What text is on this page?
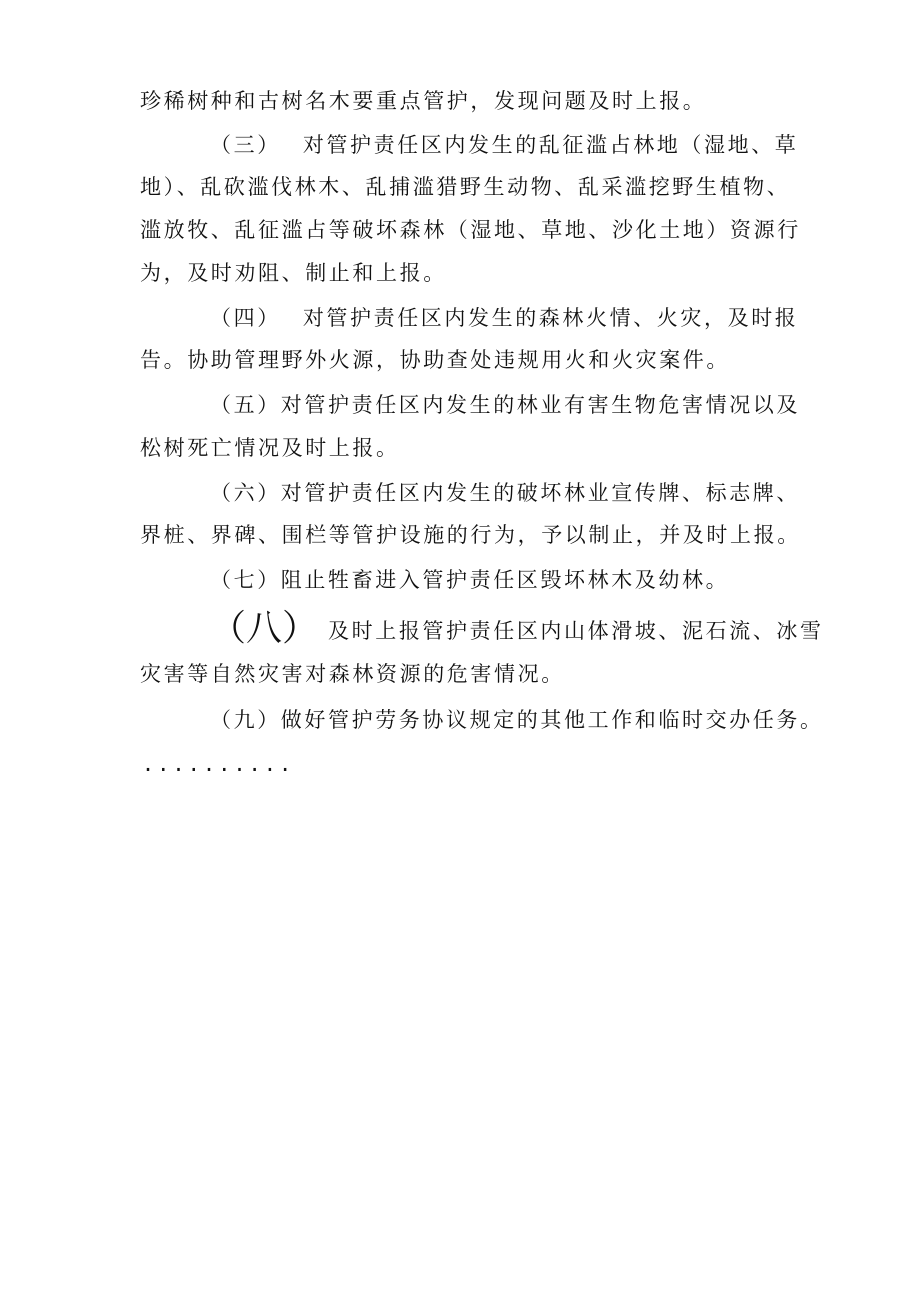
珍稀树种和古树名木要重点管护，发现问题及时上报。
（三） 对管护责任区内发生的乱征滥占林地（湿地、草
地）、乱砍滥伐林木、乱捕滥猎野生动物、乱采滥挖野生植物、
滥放牧、乱征滥占等破坏森林（湿地、草地、沙化土地）资源行
为，及时劝阻、制止和上报。
（四） 对管护责任区内发生的森林火情、火灾，及时报
告。协助管理野外火源，协助查处违规用火和火灾案件。
（五）对管护责任区内发生的林业有害生物危害情况以及
松树死亡情况及时上报。
（六）对管护责任区内发生的破坏林业宣传牌、标志牌、
界桩、界碑、围栏等管护设施的行为，予以制止，并及时上报。
（七）阻止牲畜进入管护责任区毁坏林木及幼林。
（八） 及时上报管护责任区内山体滑坡、泥石流、冰雪
灾害等自然灾害对森林资源的危害情况。
（九）做好管护劳务协议规定的其他工作和临时交办任务。
..........
